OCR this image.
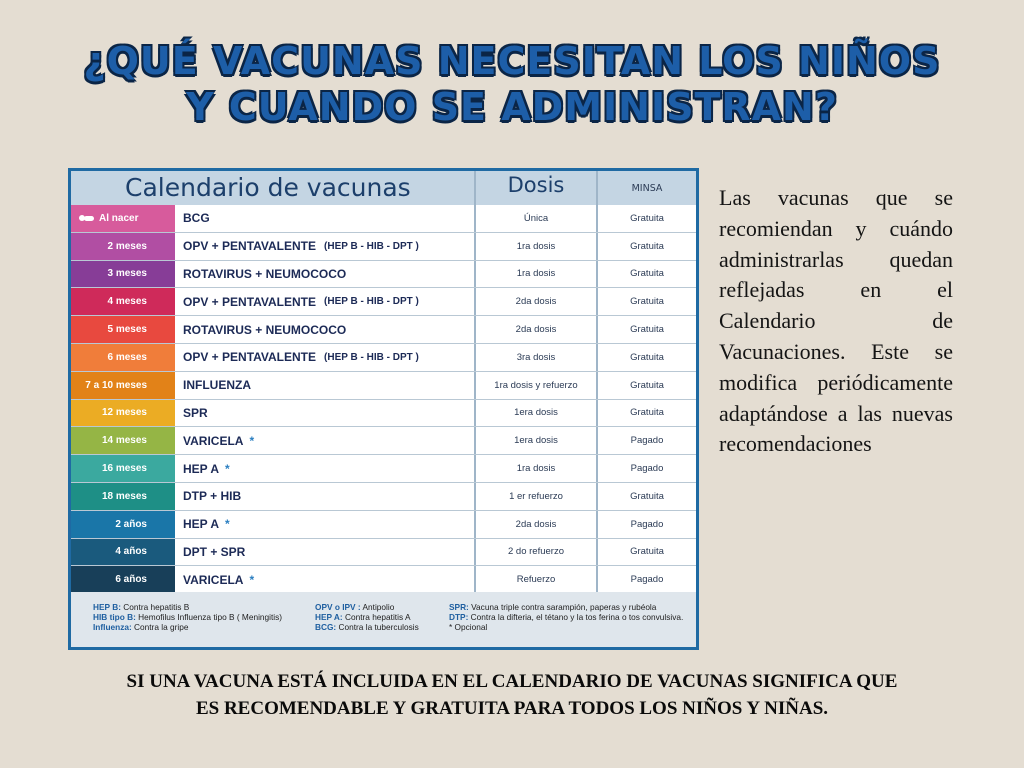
¿QUÉ VACUNAS NECESITAN LOS NIÑOS
Y CUANDO SE ADMINISTRAN?
Calendario de vacunas	Dosis	MINSA
Al nacer	BCG	Única	Gratuita
2 meses	OPV + PENTAVALENTE (HEP B - HIB - DPT )	1ra dosis	Gratuita
3 meses	ROTAVIRUS + NEUMOCOCO	1ra dosis	Gratuita
4 meses	OPV + PENTAVALENTE (HEP B - HIB - DPT )	2da dosis	Gratuita
5 meses	ROTAVIRUS + NEUMOCOCO	2da dosis	Gratuita
6 meses	OPV + PENTAVALENTE (HEP B - HIB - DPT )	3ra dosis	Gratuita
7 a 10 meses	INFLUENZA	1ra dosis y refuerzo	Gratuita
12 meses	SPR	1era dosis	Gratuita
14 meses	VARICELA *	1era dosis	Pagado
16 meses	HEP A *	1ra dosis	Pagado
18 meses	DTP + HIB	1 er refuerzo	Gratuita
2 años	HEP A *	2da dosis	Pagado
4 años	DPT + SPR	2 do refuerzo	Gratuita
6 años	VARICELA *	Refuerzo	Pagado
HEP B: Contra hepatitis B
HIB tipo B: Hemofilus Influenza tipo B ( Meningitis)
Influenza: Contra la gripe
OPV o IPV : Antipolio
HEP A: Contra hepatitis A
BCG: Contra la tuberculosis
SPR: Vacuna triple contra sarampión, paperas y rubéola
DTP: Contra la difteria, el tétano y la tos ferina o tos convulsiva.
* Opcional
Las vacunas que se recomiendan y cuándo administrarlas quedan reflejadas en el Calendario de Vacunaciones. Este se modifica periódicamente adaptándose a las nuevas recomendaciones
SI UNA VACUNA ESTÁ INCLUIDA EN EL CALENDARIO DE VACUNAS SIGNIFICA QUE
ES RECOMENDABLE Y GRATUITA PARA TODOS LOS NIÑOS Y NIÑAS.
